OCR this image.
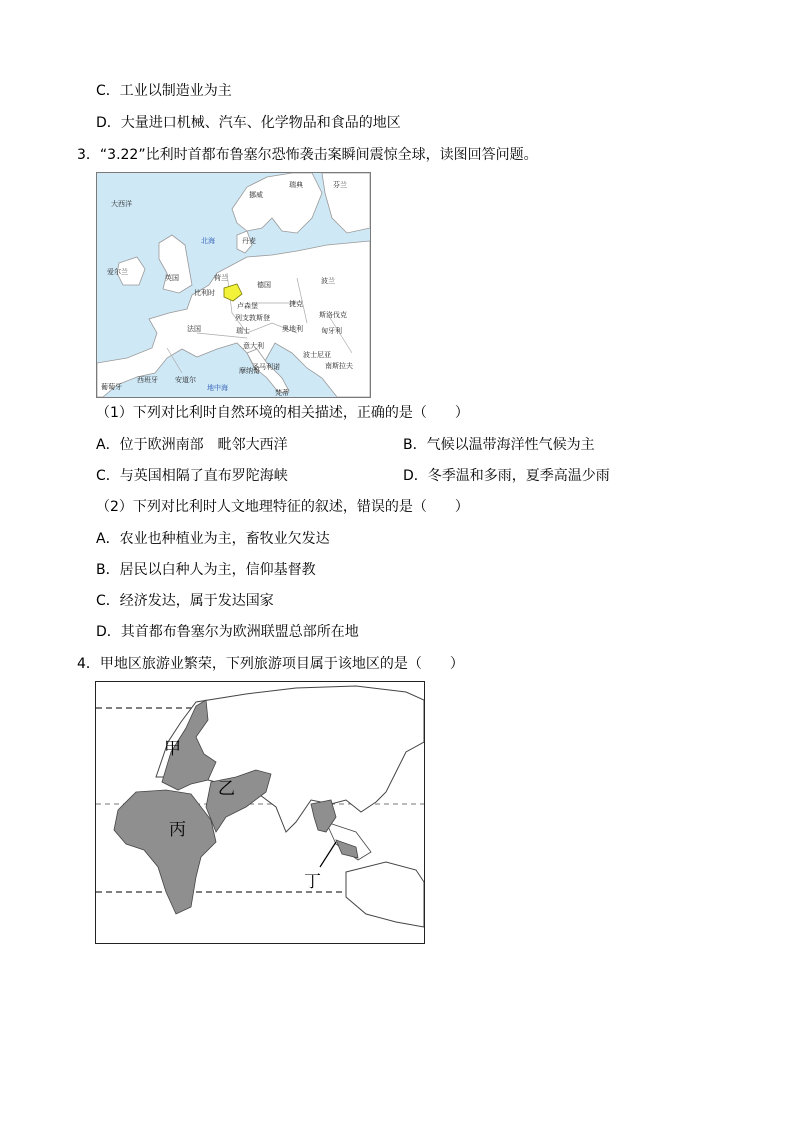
C．工业以制造业为主
D．大量进口机械、汽车、化学物品和食品的地区
3．“3.22”比利时首都布鲁塞尔恐怖袭击案瞬间震惊全球，读图回答问题。
大西洋
挪威
瑞典	芬兰
北海	丹麦
爱尔兰
英国	荷兰
比利时
德国	波兰
卢森堡
列支敦斯登
捷克
斯洛伐克
法国	瑞士	奥地利	匈牙利
意大利
波士尼亚
南斯拉夫
葡萄牙
西班牙 安道尔
摩纳哥
圣马利诺
地中海
梵蒂
（1）下列对比利时自然环境的相关描述，正确的是（　　）
A．位于欧洲南部　毗邻大西洋	B．气候以温带海洋性气候为主
C．与英国相隔了直布罗陀海峡	D．冬季温和多雨，夏季高温少雨
（2）下列对比利时人文地理特征的叙述，错误的是（　　）
A．农业也种植业为主，畜牧业欠发达
B．居民以白种人为主，信仰基督教
C．经济发达，属于发达国家
D．其首都布鲁塞尔为欧洲联盟总部所在地
4．甲地区旅游业繁荣，下列旅游项目属于该地区的是（　　）
甲
乙
丙
丁
